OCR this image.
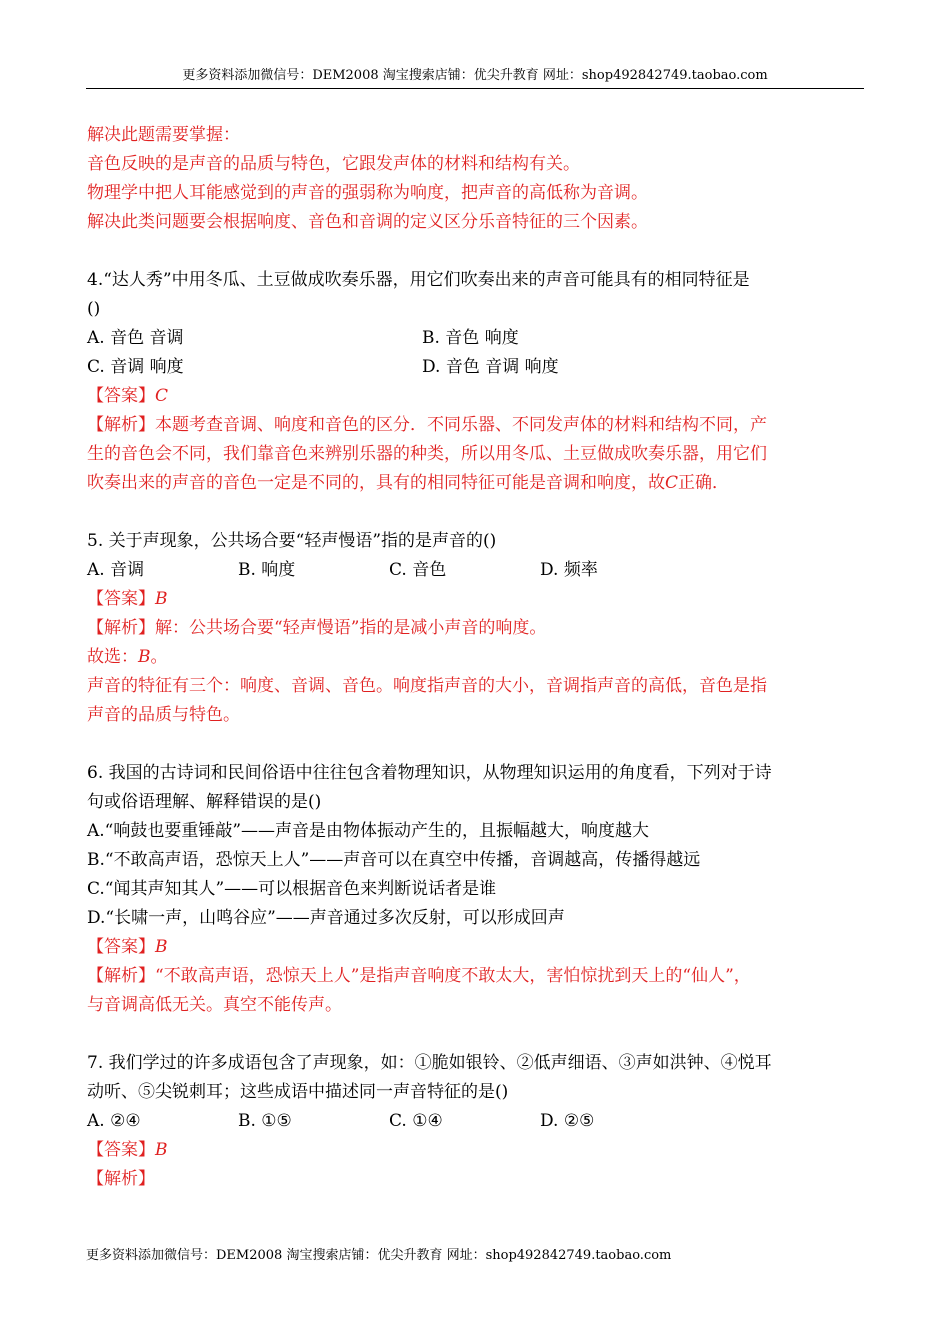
更多资料添加微信号：DEM2008 淘宝搜索店铺：优尖升教育 网址：shop492842749.taobao.com
解决此题需要掌握：
音色反映的是声音的品质与特色，它跟发声体的材料和结构有关。
物理学中把人耳能感觉到的声音的强弱称为响度，把声音的高低称为音调。
解决此类问题要会根据响度、音色和音调的定义区分乐音特征的三个因素。
4.“达人秀”中用冬瓜、土豆做成吹奏乐器，用它们吹奏出来的声音可能具有的相同特征是
()
A. 音色 音调	B. 音色 响度
C. 音调 响度	D. 音色 音调 响度
【答案】C
【解析】本题考查音调、响度和音色的区分．不同乐器、不同发声体的材料和结构不同，产
生的音色会不同，我们靠音色来辨别乐器的种类，所以用冬瓜、土豆做成吹奏乐器，用它们
吹奏出来的声音的音色一定是不同的，具有的相同特征可能是音调和响度，故C正确．
5. 关于声现象，公共场合要“轻声慢语”指的是声音的()
A. 音调	B. 响度	C. 音色	D. 频率
【答案】B
【解析】解：公共场合要“轻声慢语”指的是减小声音的响度。
故选：B。
声音的特征有三个：响度、音调、音色。响度指声音的大小，音调指声音的高低，音色是指
声音的品质与特色。
6. 我国的古诗词和民间俗语中往往包含着物理知识，从物理知识运用的角度看，下列对于诗
句或俗语理解、解释错误的是()
A.“响鼓也要重锤敲”——声音是由物体振动产生的，且振幅越大，响度越大
B.“不敢高声语，恐惊天上人”——声音可以在真空中传播，音调越高，传播得越远
C.“闻其声知其人”——可以根据音色来判断说话者是谁
D.“长啸一声，山鸣谷应”——声音通过多次反射，可以形成回声
【答案】B
【解析】“不敢高声语，恐惊天上人”是指声音响度不敢太大，害怕惊扰到天上的“仙人”，
与音调高低无关。真空不能传声。
7. 我们学过的许多成语包含了声现象，如：①脆如银铃、②低声细语、③声如洪钟、④悦耳
动听、⑤尖锐刺耳；这些成语中描述同一声音特征的是()
A. ②④	B. ①⑤	C. ①④	D. ②⑤
【答案】B
【解析】
更多资料添加微信号：DEM2008 淘宝搜索店铺：优尖升教育 网址：shop492842749.taobao.com
